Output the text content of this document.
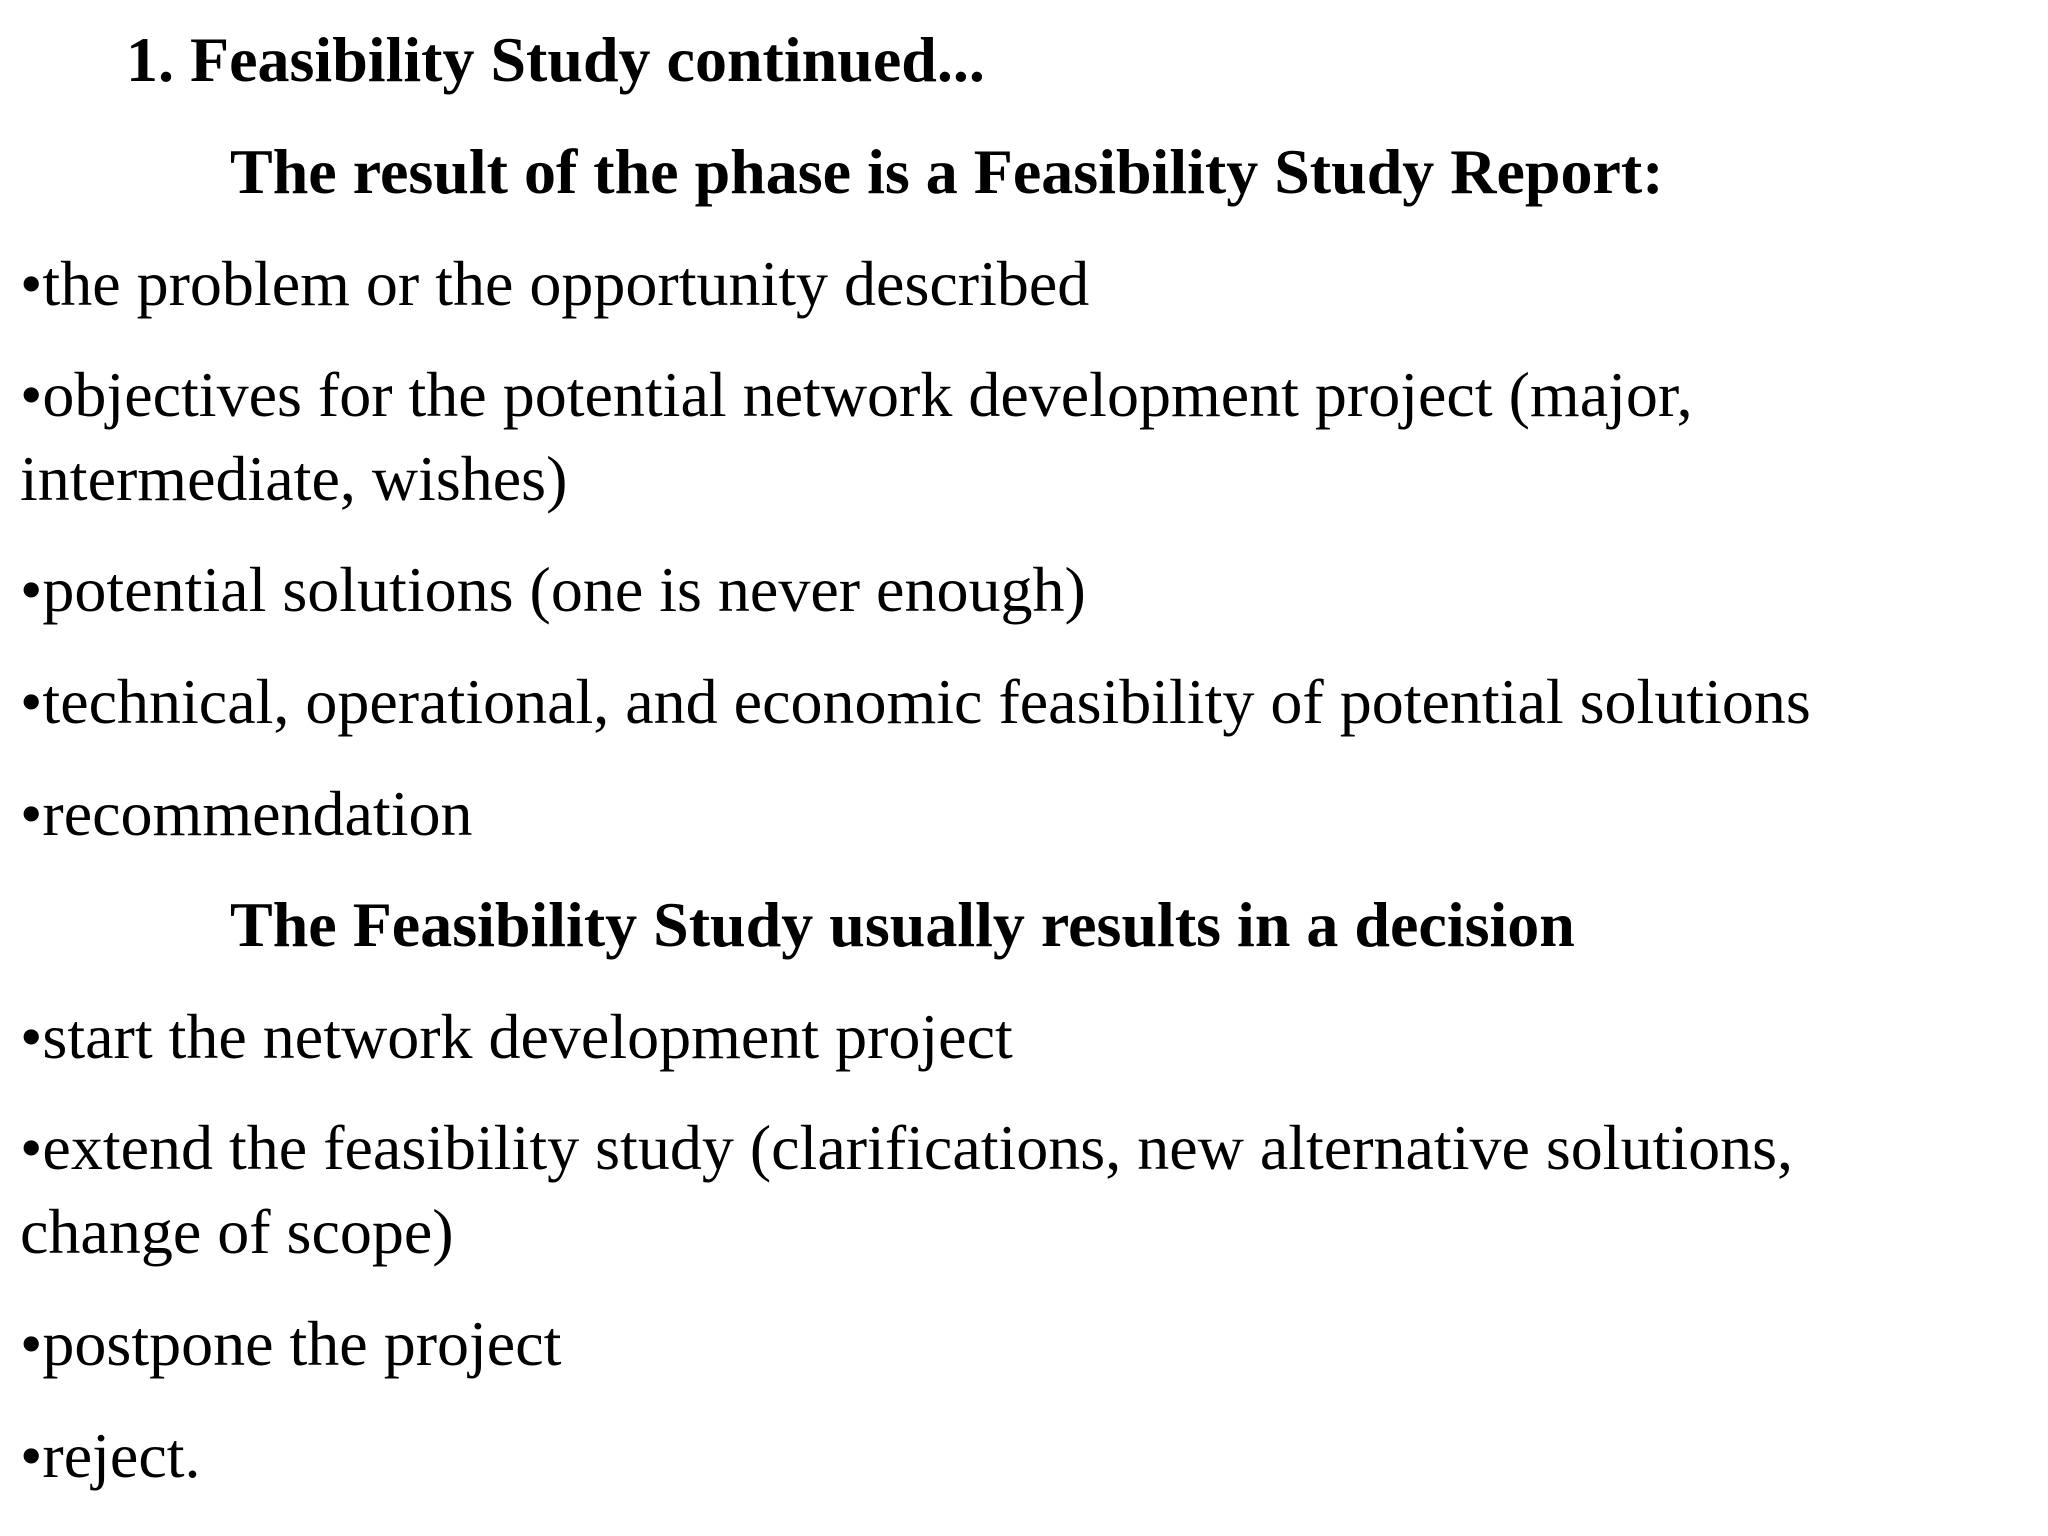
1. Feasibility Study continued...
The result of the phase is a Feasibility Study Report:
•the problem or the opportunity described
•objectives for the potential network development project (major,
intermediate, wishes)
•potential solutions (one is never enough)
•technical, operational, and economic feasibility of potential solutions
•recommendation
The Feasibility Study usually results in a decision
•start the network development project
•extend the feasibility study (clarifications, new alternative solutions,
change of scope)
•postpone the project
•reject.
